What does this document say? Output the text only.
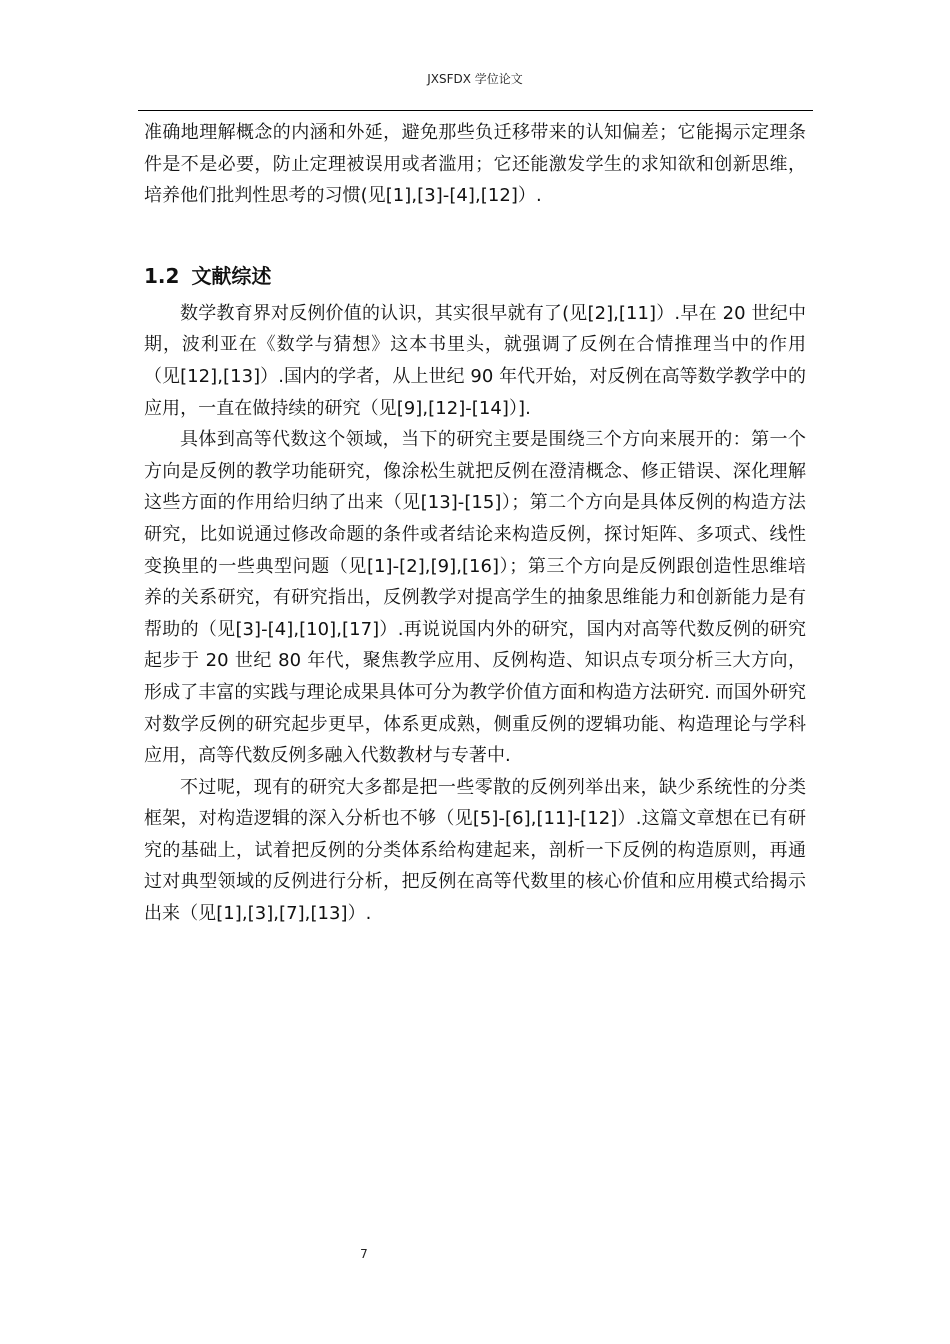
JXSFDX 学位论文

准确地理解概念的内涵和外延，避免那些负迁移带来的认知偏差；它能揭示定理条件是不是必要，防止定理被误用或者滥用；它还能激发学生的求知欲和创新思维，培养他们批判性思考的习惯(见[1],[3]-[4],[12]）.

1.2 文献综述

数学教育界对反例价值的认识，其实很早就有了(见[2],[11]）.早在 20 世纪中期，波利亚在《数学与猜想》这本书里头，就强调了反例在合情推理当中的作用（见[12],[13]）.国内的学者，从上世纪 90 年代开始，对反例在高等数学教学中的应用，一直在做持续的研究（见[9],[12]-[14]）].

具体到高等代数这个领域，当下的研究主要是围绕三个方向来展开的：第一个方向是反例的教学功能研究，像涂松生就把反例在澄清概念、修正错误、深化理解这些方面的作用给归纳了出来（见[13]-[15]）；第二个方向是具体反例的构造方法研究，比如说通过修改命题的条件或者结论来构造反例，探讨矩阵、多项式、线性变换里的一些典型问题（见[1]-[2],[9],[16]）；第三个方向是反例跟创造性思维培养的关系研究，有研究指出，反例教学对提高学生的抽象思维能力和创新能力是有帮助的（见[3]-[4],[10],[17]）.再说说国内外的研究，国内对高等代数反例的研究起步于 20 世纪 80 年代，聚焦教学应用、反例构造、知识点专项分析三大方向，形成了丰富的实践与理论成果具体可分为教学价值方面和构造方法研究. 而国外研究对数学反例的研究起步更早，体系更成熟，侧重反例的逻辑功能、构造理论与学科应用，高等代数反例多融入代数教材与专著中.

不过呢，现有的研究大多都是把一些零散的反例列举出来，缺少系统性的分类框架，对构造逻辑的深入分析也不够（见[5]-[6],[11]-[12]）.这篇文章想在已有研究的基础上，试着把反例的分类体系给构建起来，剖析一下反例的构造原则，再通过对典型领域的反例进行分析，把反例在高等代数里的核心价值和应用模式给揭示出来（见[1],[3],[7],[13]）.

7
